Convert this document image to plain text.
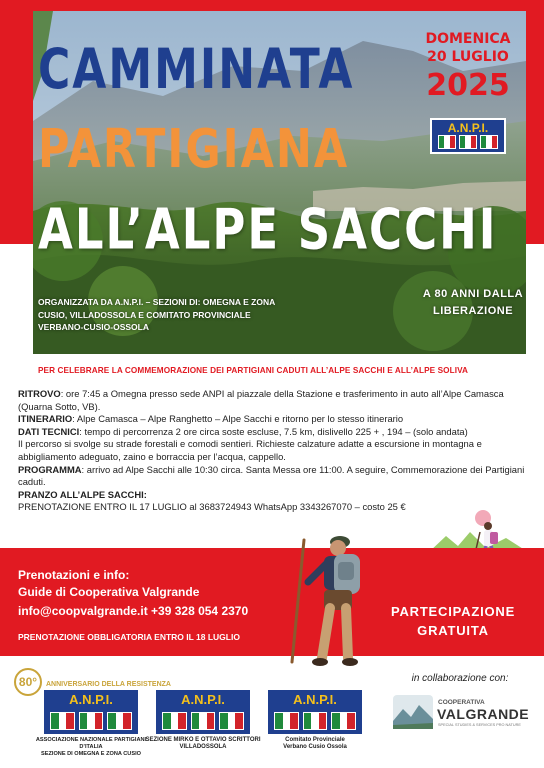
CAMMINATA
PARTIGIANA
ALL’ALPE SACCHI
DOMENICA
20 LUGLIO
2025
A.N.P.I.
ORGANIZZATA DA A.N.P.I. – SEZIONI DI: OMEGNA E ZONA CUSIO, VILLADOSSOLA E COMITATO PROVINCIALE VERBANO-CUSIO-OSSOLA
A 80 ANNI DALLA LIBERAZIONE
PER CELEBRARE LA COMMEMORAZIONE DEI PARTIGIANI CADUTI ALL’ALPE SACCHI E ALL’ALPE SOLIVA

RITROVO: ore 7:45 a Omegna presso sede ANPI al piazzale della Stazione e trasferimento in auto all’Alpe Camasca (Quarna Sotto, VB).

ITINERARIO: Alpe Camasca – Alpe Ranghetto – Alpe Sacchi e ritorno per lo stesso itinerario

DATI TECNICI: tempo di percorrenza 2 ore circa soste escluse, 7.5 km, dislivello 225 + , 194 – (solo andata)

Il percorso si svolge su strade forestali e comodi sentieri. Richieste calzature adatte a escursione in montagna e abbigliamento adeguato, zaino e borraccia per l’acqua, cappello.

PROGRAMMA: arrivo ad Alpe Sacchi alle 10:30 circa. Santa Messa ore 11:00. A seguire, Commemorazione dei Partigiani caduti.

PRANZO ALL’ALPE SACCHI:

PRENOTAZIONE ENTRO IL 17 LUGLIO al 3683724943 WhatsApp 3343267070 – costo 25 €

Prenotazioni e info:
Guide di Cooperativa Valgrande
info@coopvalgrande.it +39 328 054 2370
PRENOTAZIONE OBBLIGATORIA ENTRO IL 18 LUGLIO
PARTECIPAZIONE
GRATUITA
80°	ANNIVERSARIO DELLA RESISTENZA
A.N.P.I.
ASSOCIAZIONE NAZIONALE PARTIGIANI D’ITALIA
SEZIONE DI OMEGNA E ZONA CUSIO
A.N.P.I.
SEZIONE MIRKO E OTTAVIO SCRITTORI
VILLADOSSOLA
A.N.P.I.
Comitato Provinciale
Verbano Cusio Ossola
in collaborazione con:
COOPERATIVA
VALGRANDE
SPECIAL STUDIES & SERVICES PRO NATURE
